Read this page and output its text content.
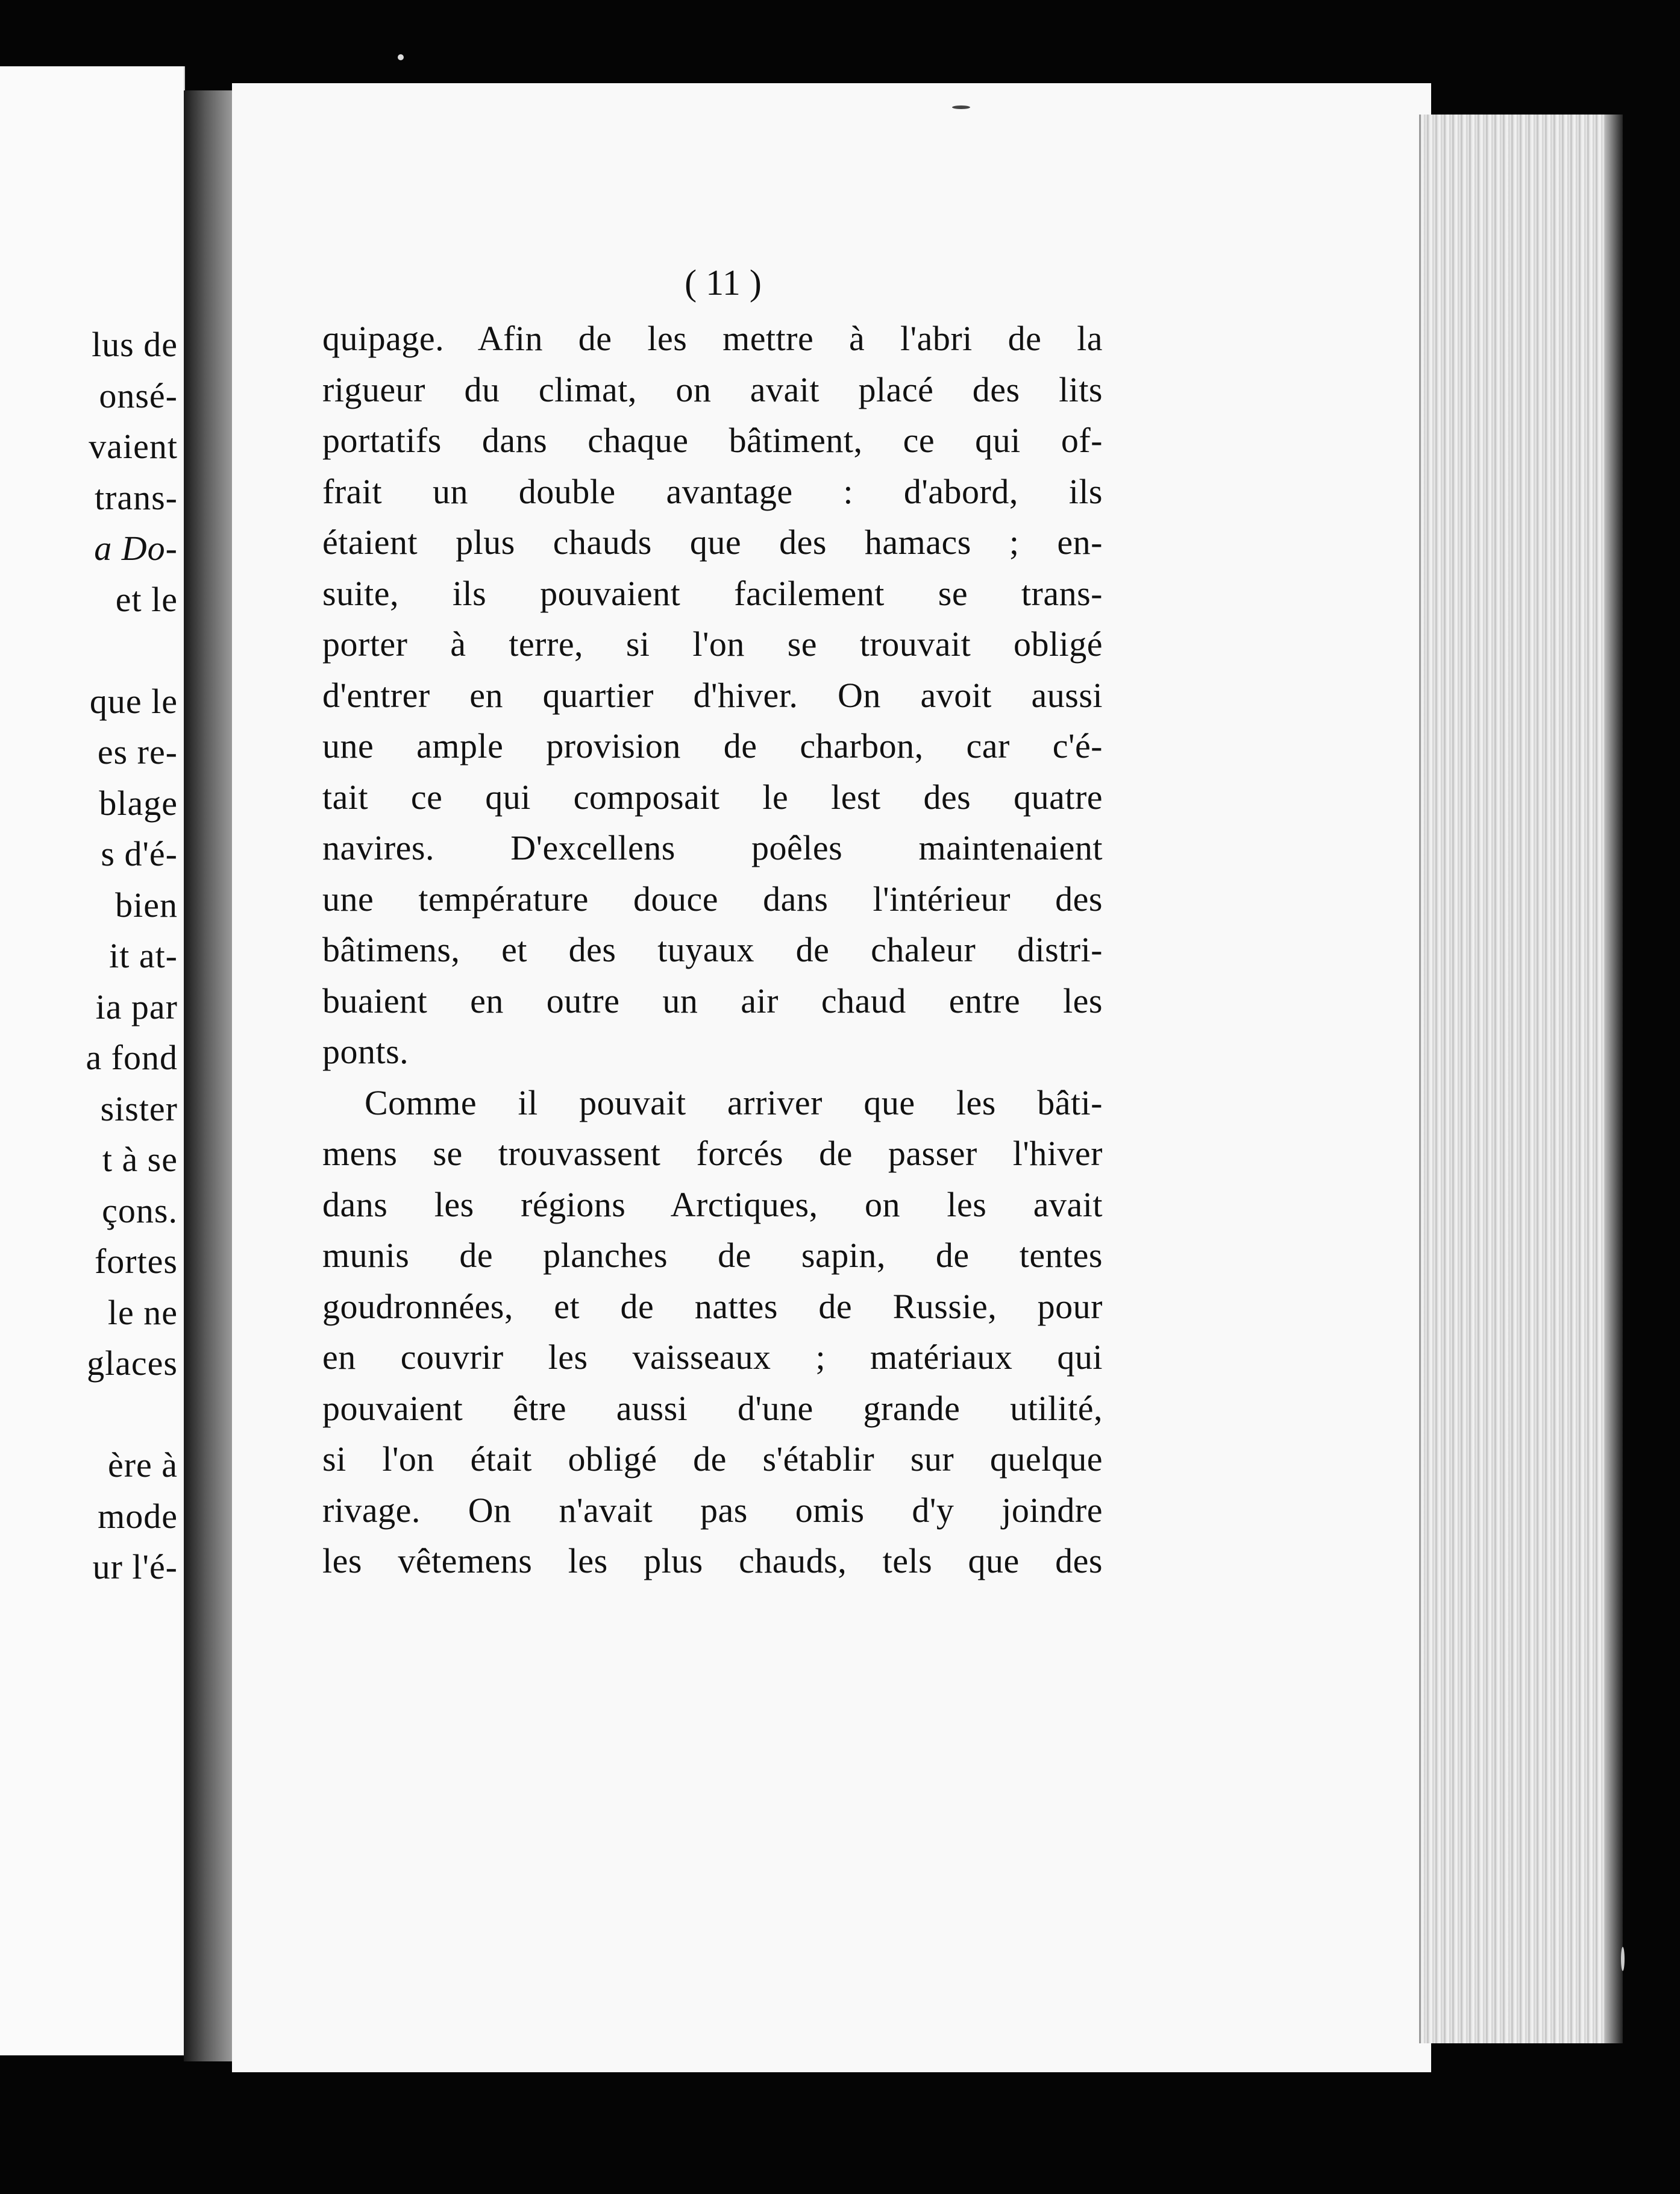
lus de
onsé-
vaient
trans-
a Do-
et le
que le
es re-
blage
s d'é-
bien
it at-
ia par
a fond
sister
t à se
çons.
fortes
le ne
glaces
ère à
mode
ur l'é-
( 11 )
quipage. Afin de les mettre à l'abri de la
rigueur du climat, on avait placé des lits
portatifs dans chaque bâtiment, ce qui of-
frait un double avantage : d'abord, ils
étaient plus chauds que des hamacs ; en-
suite, ils pouvaient facilement se trans-
porter à terre, si l'on se trouvait obligé
d'entrer en quartier d'hiver. On avoit aussi
une ample provision de charbon, car c'é-
tait ce qui composait le lest des quatre
navires. D'excellens poêles maintenaient
une température douce dans l'intérieur des
bâtimens, et des tuyaux de chaleur distri-
buaient en outre un air chaud entre les
ponts.
Comme il pouvait arriver que les bâti-
mens se trouvassent forcés de passer l'hiver
dans les régions Arctiques, on les avait
munis de planches de sapin, de tentes
goudronnées, et de nattes de Russie, pour
en couvrir les vaisseaux ; matériaux qui
pouvaient être aussi d'une grande utilité,
si l'on était obligé de s'établir sur quelque
rivage. On n'avait pas omis d'y joindre
les vêtemens les plus chauds, tels que des
